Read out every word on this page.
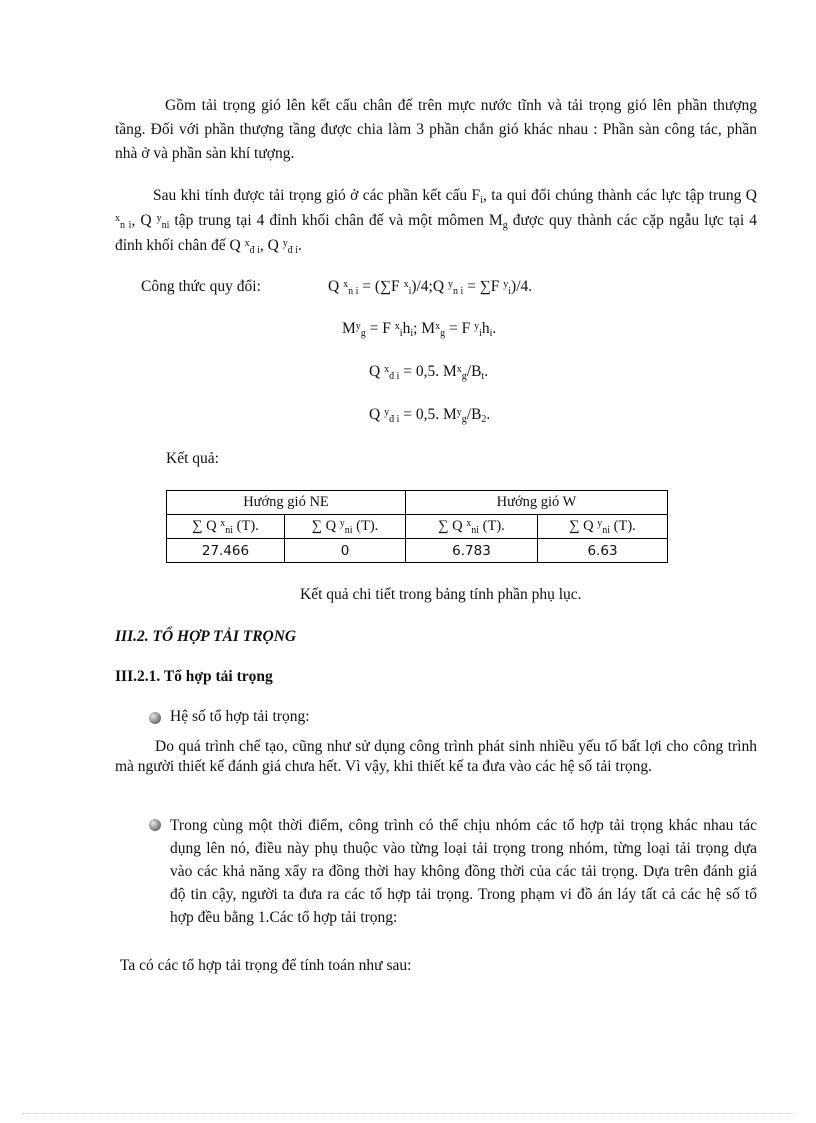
Gồm tải trọng gió lên kết cấu chân đế trên mực nước tĩnh và tải trọng gió lên phần thượng tầng. Đối với phần thượng tầng được chia làm 3 phần chắn gió khác nhau : Phần sàn công tác, phần nhà ở và phần sàn khí tượng.

Sau khi tính được tải trọng gió ở các phần kết cấu $F_i$, ta qui đổi chúng thành các lực tập trung Q $^x_{n i}$, Q $^y_{ni}$ tập trung tại 4 đỉnh khối chân đế và một mômen $M_g$ được quy thành các cặp ngẫu lực tại 4 đỉnh khối chân đế Q $^x_{đ i}$, Q $^y_{đ i}$.

Công thức quy đổi:	Q $^x_{n i}$ = (∑F $^x_i$)/4;Q $^y_{n i}$ = ∑F $^y_i$)/4.
$M^y_g = F$ $^x_ih_i$; $M^x_g = F$ $^y_ih_i$.
Q $^x_{đ i}$ = 0,5. $M^x_g/B_t$.
Q $^y_{đ i}$ = 0,5. $M^y_g/B_2$.
Kết quả:
Hướng gió NE		Hướng gió W	
∑ Q $^x_{ni}$ (T).	∑ Q $^y_{ni}$ (T).	∑ Q $^x_{ni}$ (T).	∑ Q $^y_{ni}$ (T).
27.466	0	6.783	6.63
Kết quả chi tiết trong bảng tính phần phụ lục.
III.2. TỔ HỢP TẢI TRỌNG
III.2.1. Tổ hợp tải trọng
Hệ số tổ hợp tải trọng:

Do quá trình chế tạo, cũng như sử dụng công trình phát sinh nhiều yếu tố bất lợi cho công trình mà người thiết kế đánh giá chưa hết. Vì vậy, khi thiết kế ta đưa vào các hệ số tải trọng.

Trong cùng một thời điểm, công trình có thể chịu nhóm các tổ hợp tải trọng khác nhau tác dụng lên nó, điều này phụ thuộc vào từng loại tải trọng trong nhóm, từng loại tải trọng dựa vào các khả năng xẩy ra đồng thời hay không đồng thời của các tải trọng. Dựa trên đánh giá độ tin cậy, người ta đưa ra các tổ hợp tải trọng. Trong phạm vi đồ án láy tất cả các hệ số tổ hợp đều bằng 1.Các tổ hợp tải trọng:

Ta có các tổ hợp tải trọng để tính toán như sau:
